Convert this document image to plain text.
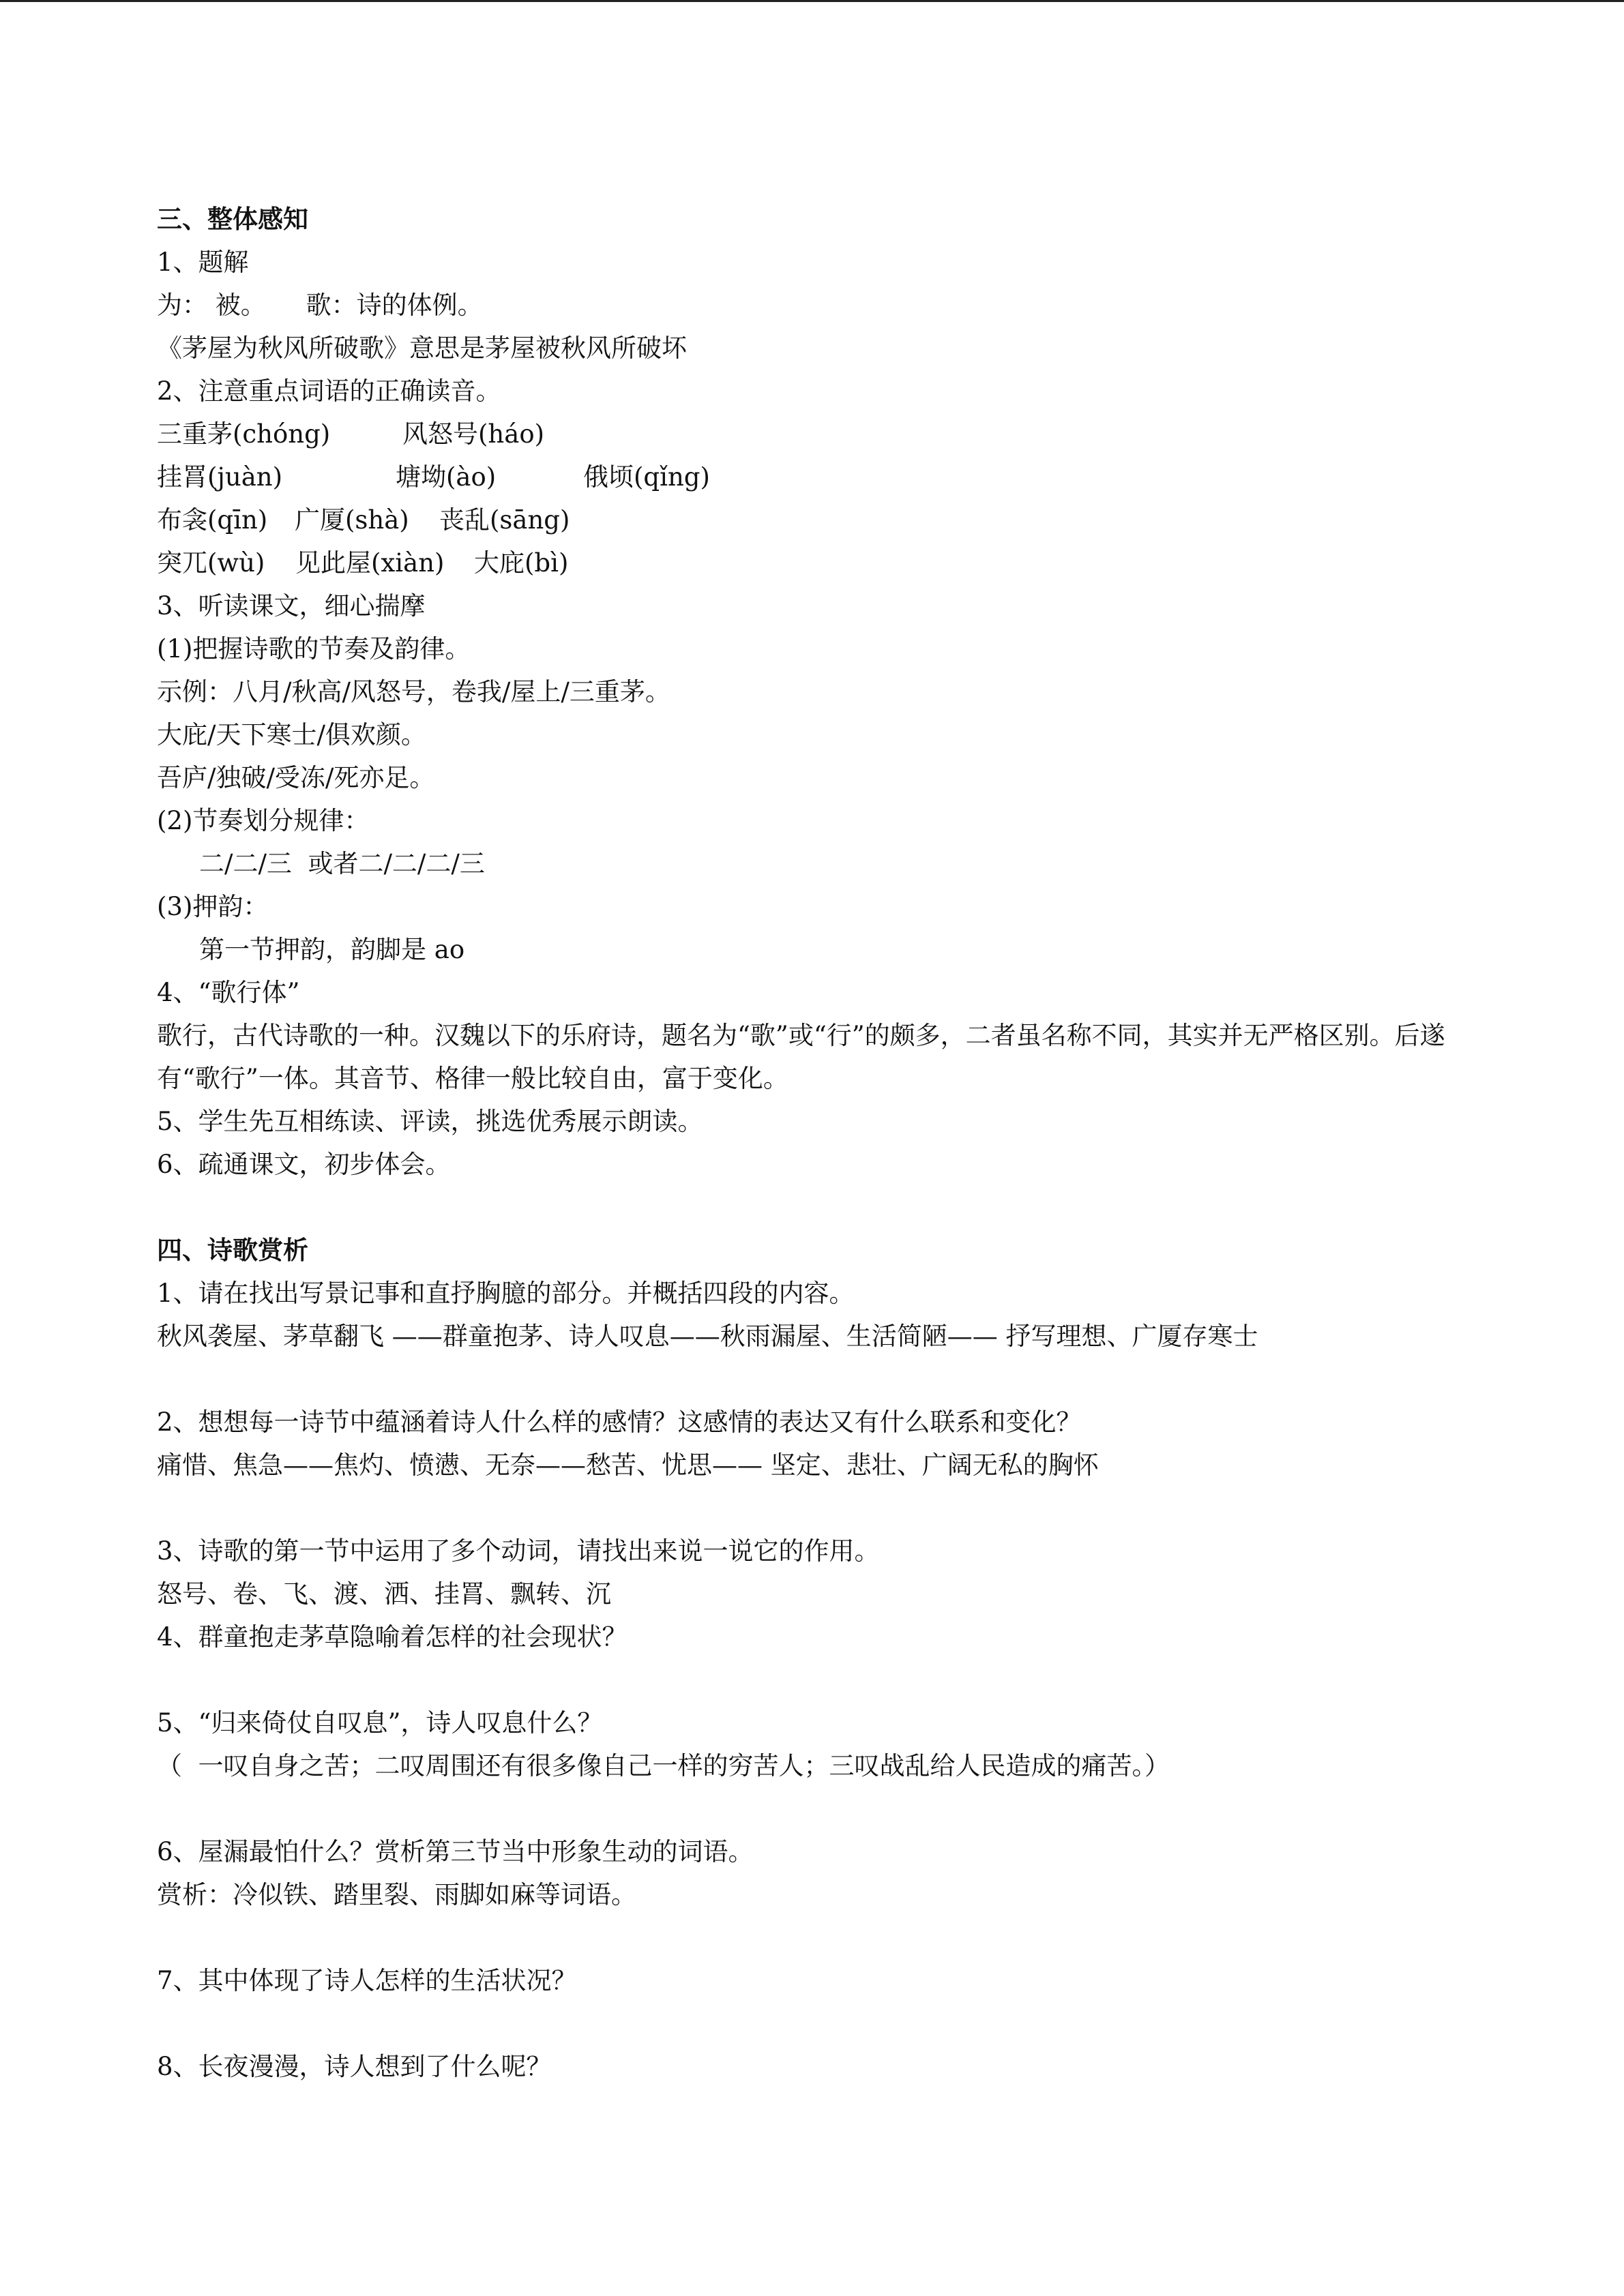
三、整体感知
1、题解
为： 被。     歌：诗的体例。
《茅屋为秋风所破歌》意思是茅屋被秋风所破坏
2、注意重点词语的正确读音。
三重茅(chóng)	风怒号(háo)
挂罥(juàn)	塘坳(ào)	俄顷(qǐng)
布衾(qīn) 广厦(shà) 丧乱(sāng)
突兀(wù) 见此屋(xiàn) 大庇(bì)
3、听读课文，细心揣摩
(1)把握诗歌的节奏及韵律。
示例：八月/秋高/风怒号，卷我/屋上/三重茅。
大庇/天下寒士/俱欢颜。
吾庐/独破/受冻/死亦足。
(2)节奏划分规律：
二/二/三  或者二/二/二/三
(3)押韵：
第一节押韵，韵脚是 ao
4、“歌行体”
歌行，古代诗歌的一种。汉魏以下的乐府诗，题名为“歌”或“行”的颇多，二者虽名称不同，其实并无严格区别。后遂有“歌行”一体。其音节、格律一般比较自由，富于变化。
5、学生先互相练读、评读，挑选优秀展示朗读。
6、疏通课文，初步体会。
四、诗歌赏析
1、请在找出写景记事和直抒胸臆的部分。并概括四段的内容。
秋风袭屋、茅草翻飞 ——群童抱茅、诗人叹息——秋雨漏屋、生活简陋—— 抒写理想、广厦存寒士
2、想想每一诗节中蕴涵着诗人什么样的感情？这感情的表达又有什么联系和变化？
痛惜、焦急——焦灼、愤懑、无奈——愁苦、忧思—— 坚定、悲壮、广阔无私的胸怀
3、诗歌的第一节中运用了多个动词，请找出来说一说它的作用。
怒号、卷、飞、渡、洒、挂罥、飘转、沉
4、群童抱走茅草隐喻着怎样的社会现状？
5、“归来倚仗自叹息”，诗人叹息什么？
（  一叹自身之苦；二叹周围还有很多像自己一样的穷苦人；三叹战乱给人民造成的痛苦。）
6、屋漏最怕什么？赏析第三节当中形象生动的词语。
赏析：冷似铁、踏里裂、雨脚如麻等词语。
7、其中体现了诗人怎样的生活状况？
8、长夜漫漫，诗人想到了什么呢？
